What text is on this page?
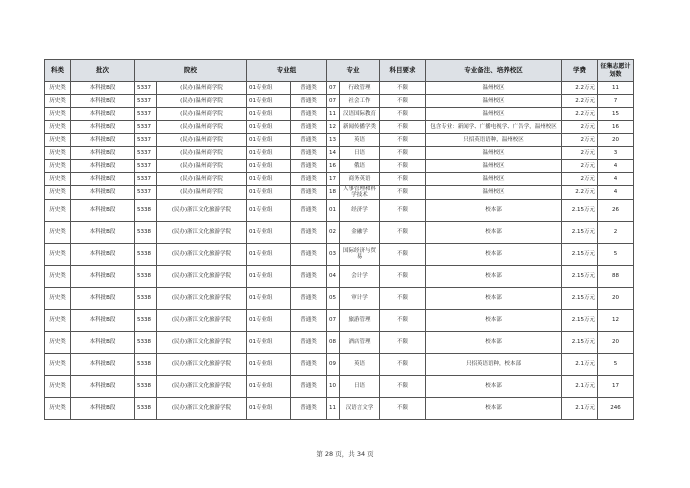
科类	批次	院校		专业组		专业		科目要求	专业备注、培养校区	学费	征集志愿计划数
历史类	本科批B段	5337	(民办)温州商学院	01专业组	普通类	07	行政管理	不限	温州校区	2.2万元	11
历史类	本科批B段	5337	(民办)温州商学院	01专业组	普通类	07	社会工作	不限	温州校区	2.2万元	7
历史类	本科批B段	5337	(民办)温州商学院	01专业组	普通类	11	汉语国际教育	不限	温州校区	2.2万元	15
历史类	本科批B段	5337	(民办)温州商学院	01专业组	普通类	12	新闻传播学类	不限	包含专业：新闻学、广播电视学、广告学，温州校区	2万元	16
历史类	本科批B段	5337	(民办)温州商学院	01专业组	普通类	13	英语	不限	只招英语语种，温州校区	2万元	20
历史类	本科批B段	5337	(民办)温州商学院	01专业组	普通类	14	日语	不限	温州校区	2万元	3
历史类	本科批B段	5337	(民办)温州商学院	01专业组	普通类	16	俄语	不限	温州校区	2万元	4
历史类	本科批B段	5337	(民办)温州商学院	01专业组	普通类	17	商务英语	不限	温州校区	2万元	4
历史类	本科批B段	5337	(民办)温州商学院	01专业组	普通类	18	人事管理和科学技术	不限	温州校区	2.2万元	4
历史类	本科批B段	5338	(民办)浙江文化旅游学院	01专业组	普通类	01	经济学	不限	校本部	2.15万元	26
历史类	本科批B段	5338	(民办)浙江文化旅游学院	01专业组	普通类	02	金融学	不限	校本部	2.15万元	2
历史类	本科批B段	5338	(民办)浙江文化旅游学院	01专业组	普通类	03	国际经济与贸易	不限	校本部	2.15万元	5
历史类	本科批B段	5338	(民办)浙江文化旅游学院	01专业组	普通类	04	会计学	不限	校本部	2.15万元	88
历史类	本科批B段	5338	(民办)浙江文化旅游学院	01专业组	普通类	05	审计学	不限	校本部	2.15万元	20
历史类	本科批B段	5338	(民办)浙江文化旅游学院	01专业组	普通类	07	旅游管理	不限	校本部	2.15万元	12
历史类	本科批B段	5338	(民办)浙江文化旅游学院	01专业组	普通类	08	酒店管理	不限	校本部	2.15万元	20
历史类	本科批B段	5338	(民办)浙江文化旅游学院	01专业组	普通类	09	英语	不限	只招英语语种，校本部	2.1万元	5
历史类	本科批B段	5338	(民办)浙江文化旅游学院	01专业组	普通类	10	日语	不限	校本部	2.1万元	17
历史类	本科批B段	5338	(民办)浙江文化旅游学院	01专业组	普通类	11	汉语言文学	不限	校本部	2.1万元	246
第 28 页，共 34 页
